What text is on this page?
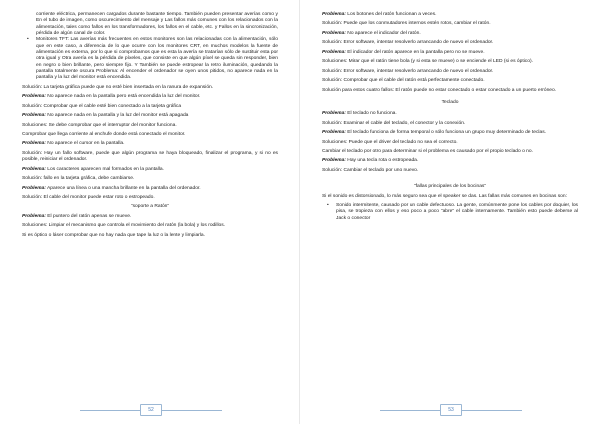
corriente eléctrica, permanecen cargados durante bastante tiempo. También pueden presentar averías como y En el tubo de imagen, como oscurecimiento del mensaje y Las fallos más comunes con los relacionados con la alimentación, tales como fallos en los transformadores, los fallos en el cable, etc. y Fallos en la sincronización, pérdida de algún canal de color.
• Monitores TFT: Las averías más frecuentes en estos monitores son las relacionadas con la alimentación, sólo que en este caso, a diferencia de lo que ocurre con los monitores CRT, en muchos modelos la fuente de alimentación es externa, por lo que si comprobamos que es esta la avería se tratarían sólo de sustituir esta por otra igual y Otra avería es la pérdida de píxeles, que consiste en que algún píxel se queda sin responder, bien en negro o bien brillante, pero siempre fijo. Y También se puede estropear la retro iluminación, quedando la pantalla totalmente oscura Problema: Al encender el ordenador se oyen unos pitidos, no aparece nada en la pantalla y la luz del monitor está encendida.

Solución: La tarjeta gráfica puede que no esté bien insertada en la ranura de expansión.

Problema: No aparece nada en la pantalla pero está encendida la luz del monitor.

Solución: Comprobar que el cable esté bien conectado a la tarjeta gráfica

Problema: No aparece nada en la pantalla y la luz del monitor está apagada

Soluciones: Se debe comprobar que el interruptor del monitor funciona.

Comprobar que llega corriente al enchufe donde está conectado el monitor.

Problema: No aparece el cursor en la pantalla.

Solución: Hay un fallo software, puede que algún programa se haya bloqueado, finalizar el programa, y si no es posible, reiniciar el ordenador.

Problema: Los caracteres aparecen mal formados en la pantalla.

Solución: fallo en la tarjeta gráfica, debe cambiarse.

Problema: Aparece una línea o una mancha brillante en la pantalla del ordenador.

Solución: El cable del monitor puede estar roto o estropeado.

“soporte a Ratón”

Problema: El puntero del ratón apenas se mueve.

Soluciones: Limpiar el mecanismo que controla el movimiento del ratón (la bola) y los rodillos.

Si es óptico o láser comprobar que no hay nada que tape la luz o la lente y limpiarla.

Problema: Los botones del ratón funcionan a veces.

Solución: Puede que los conmutadores internos estén rotos, cambiar el ratón.

Problema: No aparece el indicador del ratón.

Solución: Error software, intentar resolverlo arrancando de nuevo el ordenador.

Problema: El indicador del ratón aparece en la pantalla pero no se mueve.

Soluciones: Mirar que el ratón tiene bola (y si esta se mueve) o se enciende el LED (si es óptico).

Solución: Error software, intentar resolverlo arrancando de nuevo el ordenador.

Solución: Comprobar que el cable del ratón está perfectamente conectado.

Solución para estos cuatro fallos: El ratón puede no estar conectado o estar conectado a un puerto erróneo.

Teclado

Problema: El teclado no funciona.

Solución: Examinar el cable del teclado, el conector y la conexión.

Problema: El teclado funciona de forma temporal o sólo funciona un grupo muy determinado de teclas.

Soluciones: Puede que el driver del teclado no sea el correcto.

Cambiar el teclado por otro para determinar si el problema es causado por el propio teclado o no.

Problema: Hay una tecla rota o estropeada.

Solución: Cambiar el teclado por uno nuevo.

“fallas principales de los bocinas”

Si el sonido es distorsionado, lo más seguro sea que el speaker se das. Las fallas más comunes en bocinas son:

• Sonido intermitente, causado por un cable defectuoso. La gente, comúnmente pone los cables por doquier, los pisa, se tropieza con ellos y eso poco a poco “abre” el cable internamente. También esto puede deberse al Jack o conector
52	53
